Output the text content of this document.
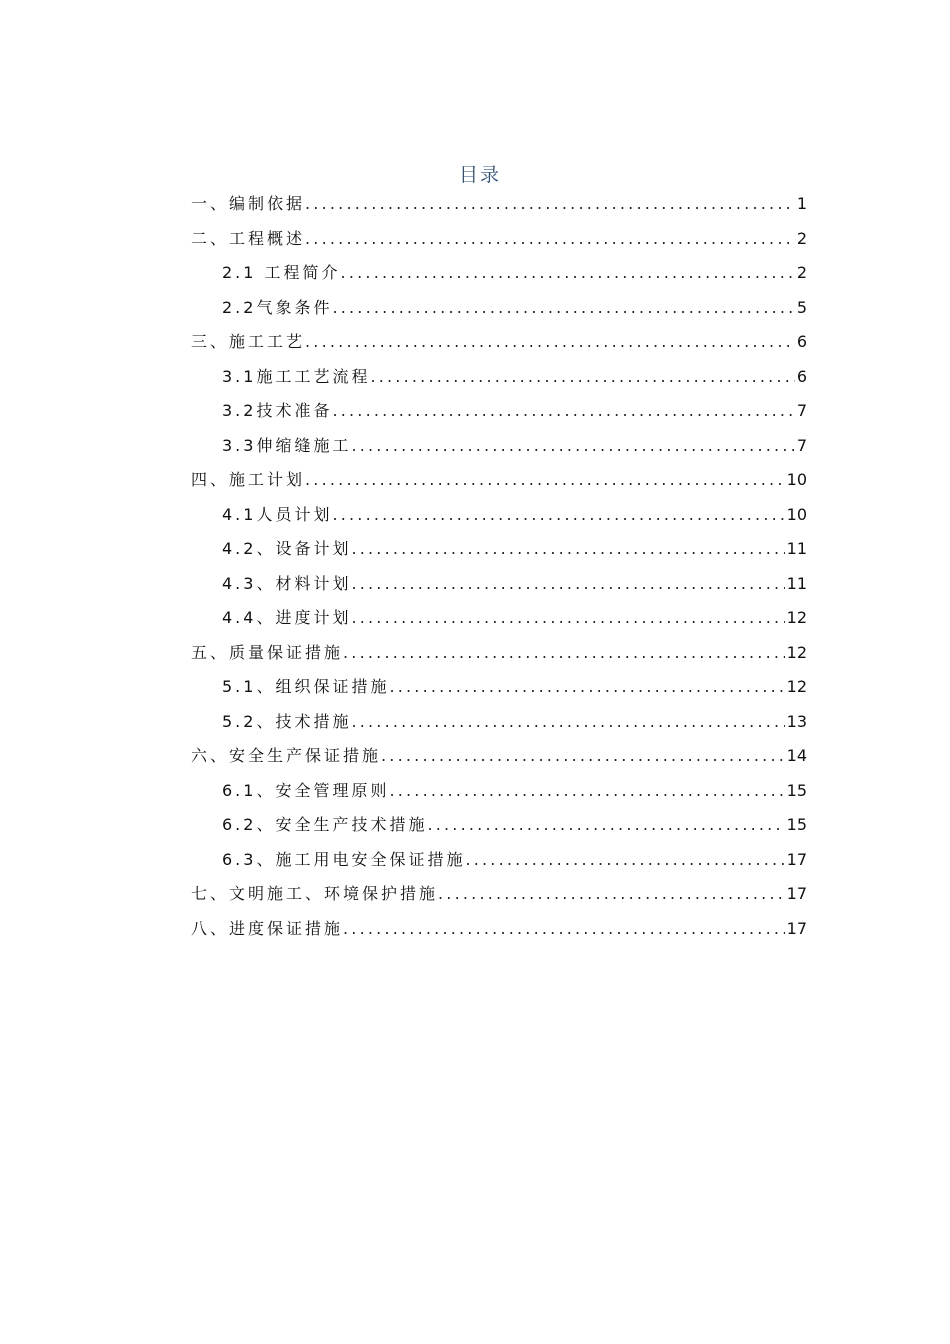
目录
一、编制依据 .....	1
二、工程概述 .....	2
2.1 工程简介 .....	2
2.2气象条件 .....	5
三、施工工艺 .....	6
3.1施工工艺流程 .....	6
3.2技术准备 .....	7
3.3伸缩缝施工 .....	7
四、施工计划 .....	10
4.1人员计划 .....	10
4.2、设备计划 .....	11
4.3、材料计划 .....	11
4.4、进度计划 .....	12
五、质量保证措施 .....	12
5.1、组织保证措施 .....	12
5.2、技术措施 .....	13
六、安全生产保证措施 .....	14
6.1、安全管理原则 .....	15
6.2、安全生产技术措施 .....	15
6.3、施工用电安全保证措施 .....	17
七、文明施工、环境保护措施 .....	17
八、进度保证措施 .....	17
